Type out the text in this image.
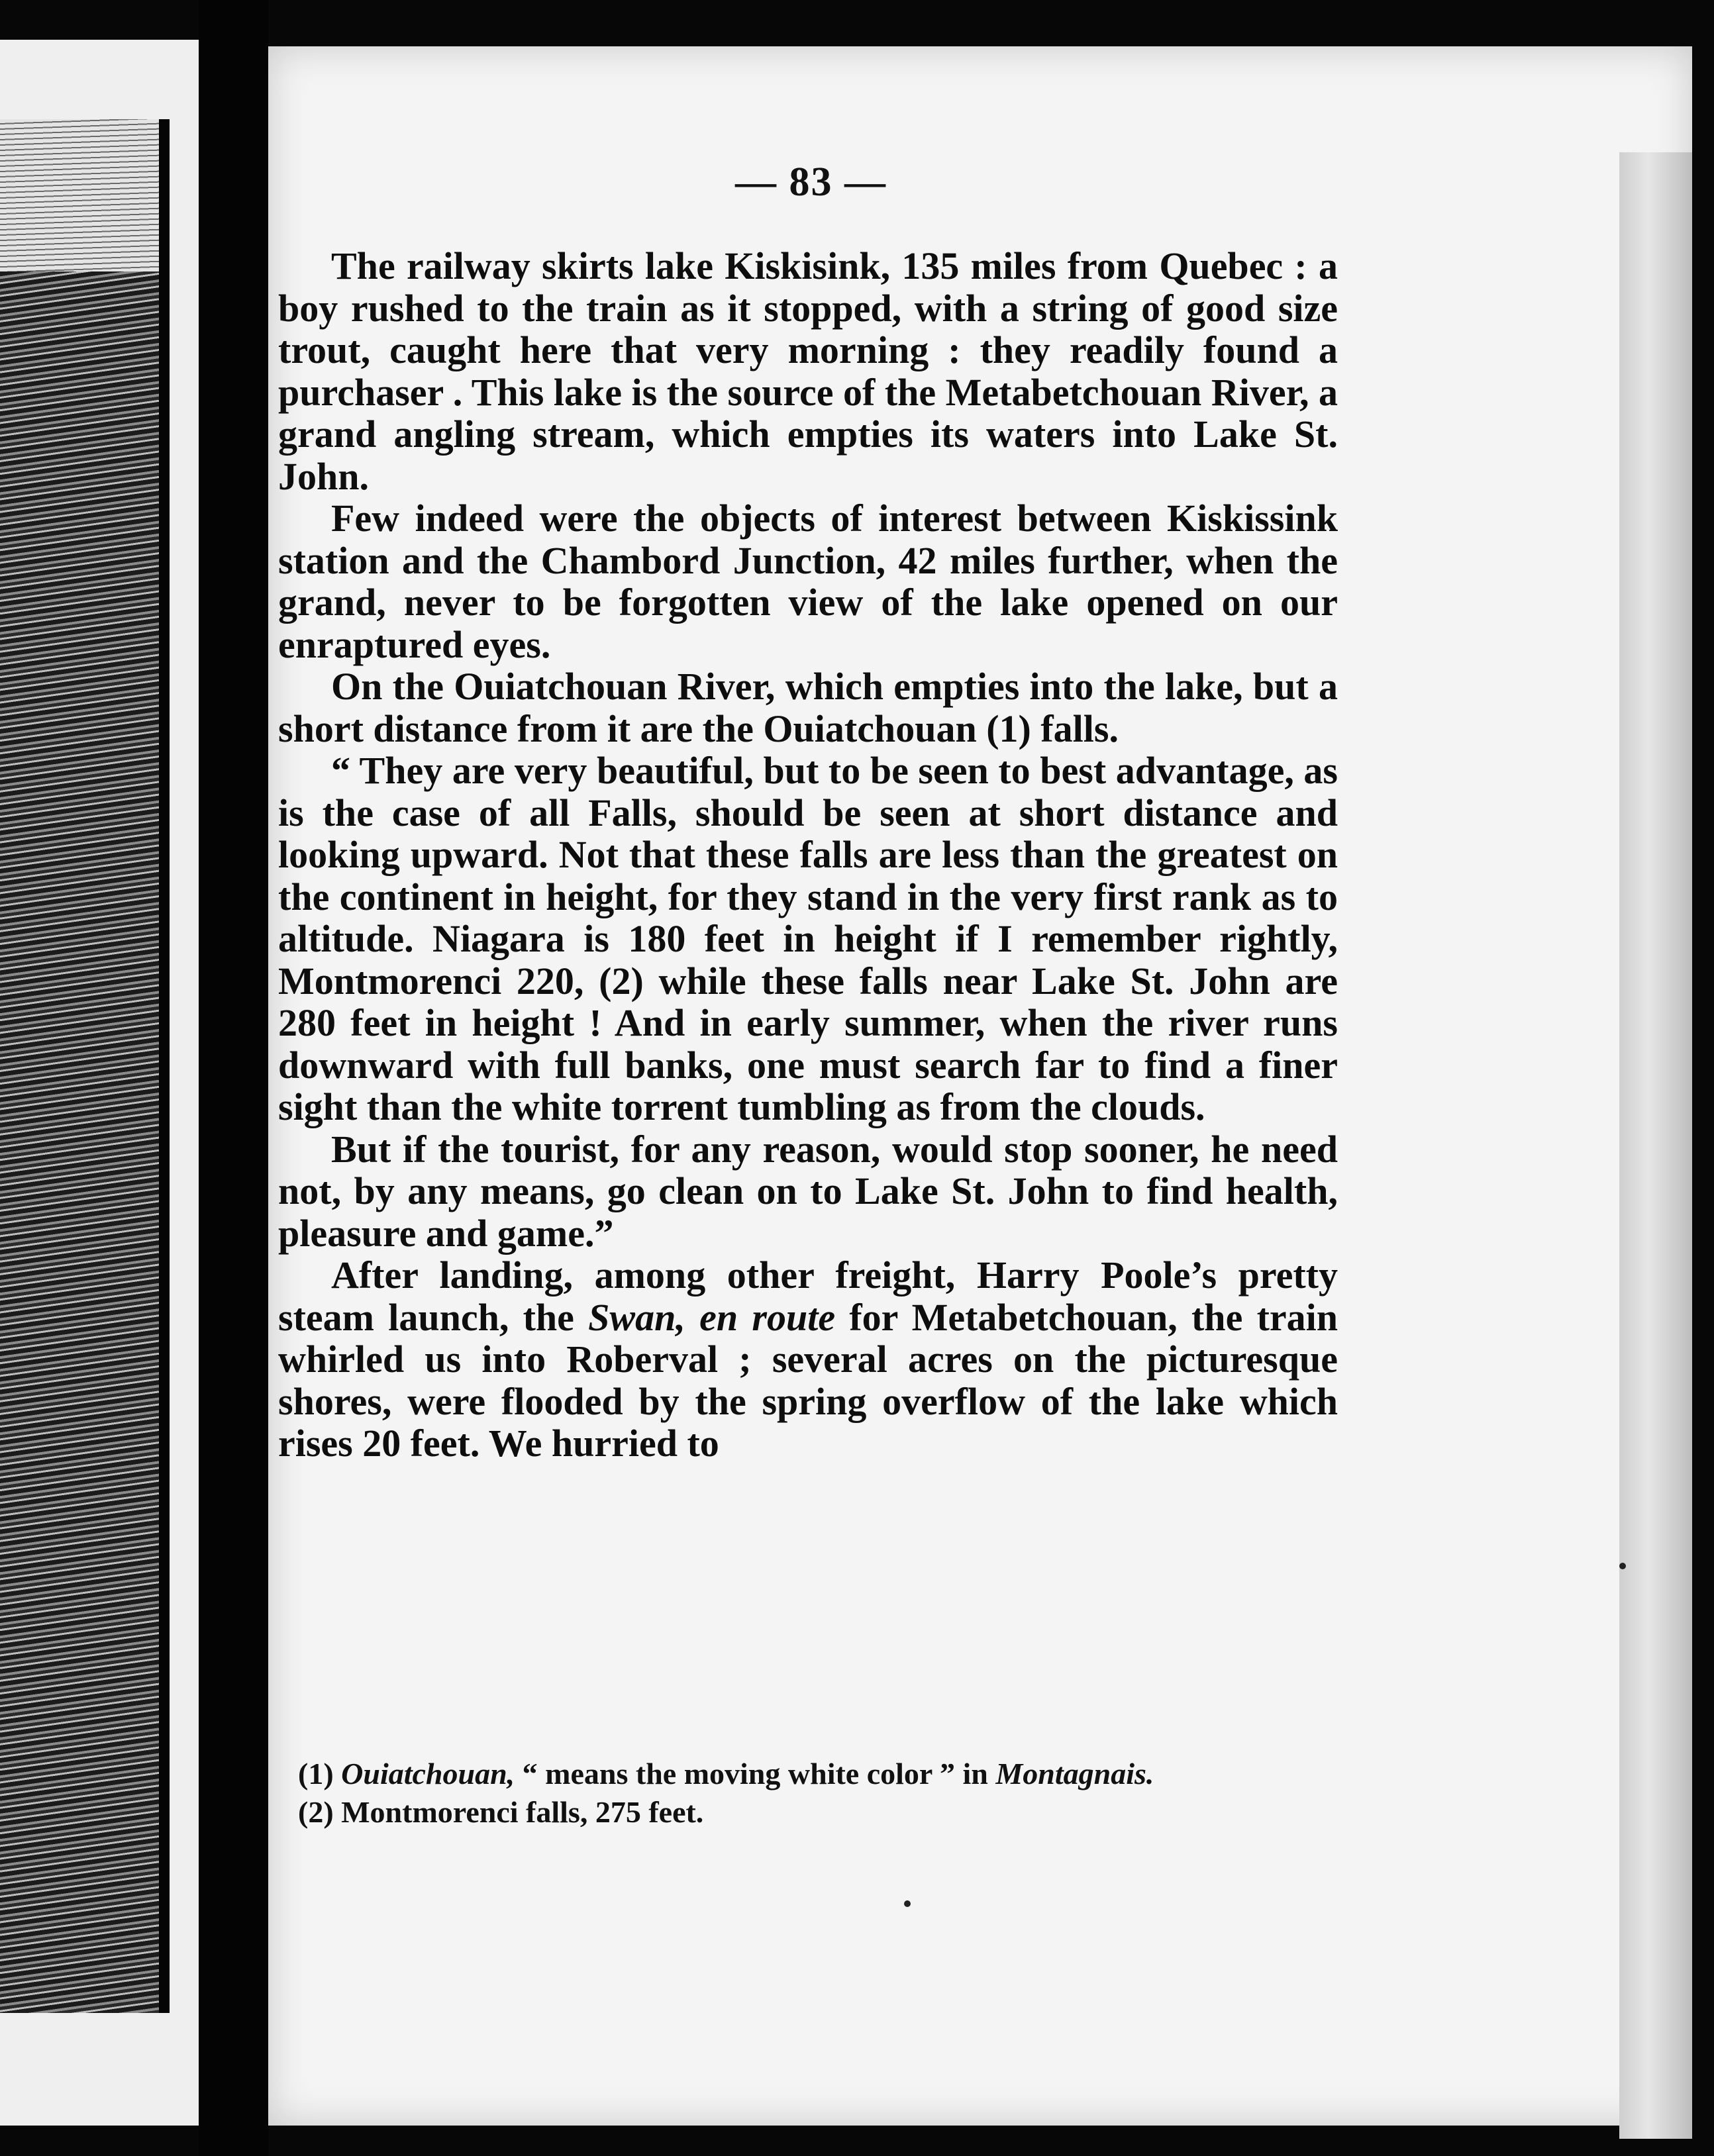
— 83 —

The railway skirts lake Kiskisink, 135 miles from Quebec : a boy rushed to the train as it stopped, with a string of good size trout, caught here that very morning : they readily found a purchaser . This lake is the source of the Metabetchouan River, a grand angling stream, which empties its waters into Lake St. John.

Few indeed were the objects of interest between Kiskissink station and the Chambord Junction, 42 miles further, when the grand, never to be forgotten view of the lake opened on our enraptured eyes.

On the Ouiatchouan River, which empties into the lake, but a short distance from it are the Ouiatchouan (1) falls.

“ They are very beautiful, but to be seen to best advantage, as is the case of all Falls, should be seen at short distance and looking upward. Not that these falls are less than the greatest on the continent in height, for they stand in the very first rank as to altitude. Niagara is 180 feet in height if I remember rightly, Montmorenci 220, (2) while these falls near Lake St. John are 280 feet in height ! And in early summer, when the river runs downward with full banks, one must search far to find a finer sight than the white torrent tumbling as from the clouds.

But if the tourist, for any reason, would stop sooner, he need not, by any means, go clean on to Lake St. John to find health, pleasure and game.”

After landing, among other freight, Harry Poole’s pretty steam launch, the Swan, en route for Metabetchouan, the train whirled us into Roberval ; several acres on the picturesque shores, were flooded by the spring overflow of the lake which rises 20 feet. We hurried to

(1) Ouiatchouan, “ means the moving white color ” in Montagnais.

(2) Montmorenci falls, 275 feet.
